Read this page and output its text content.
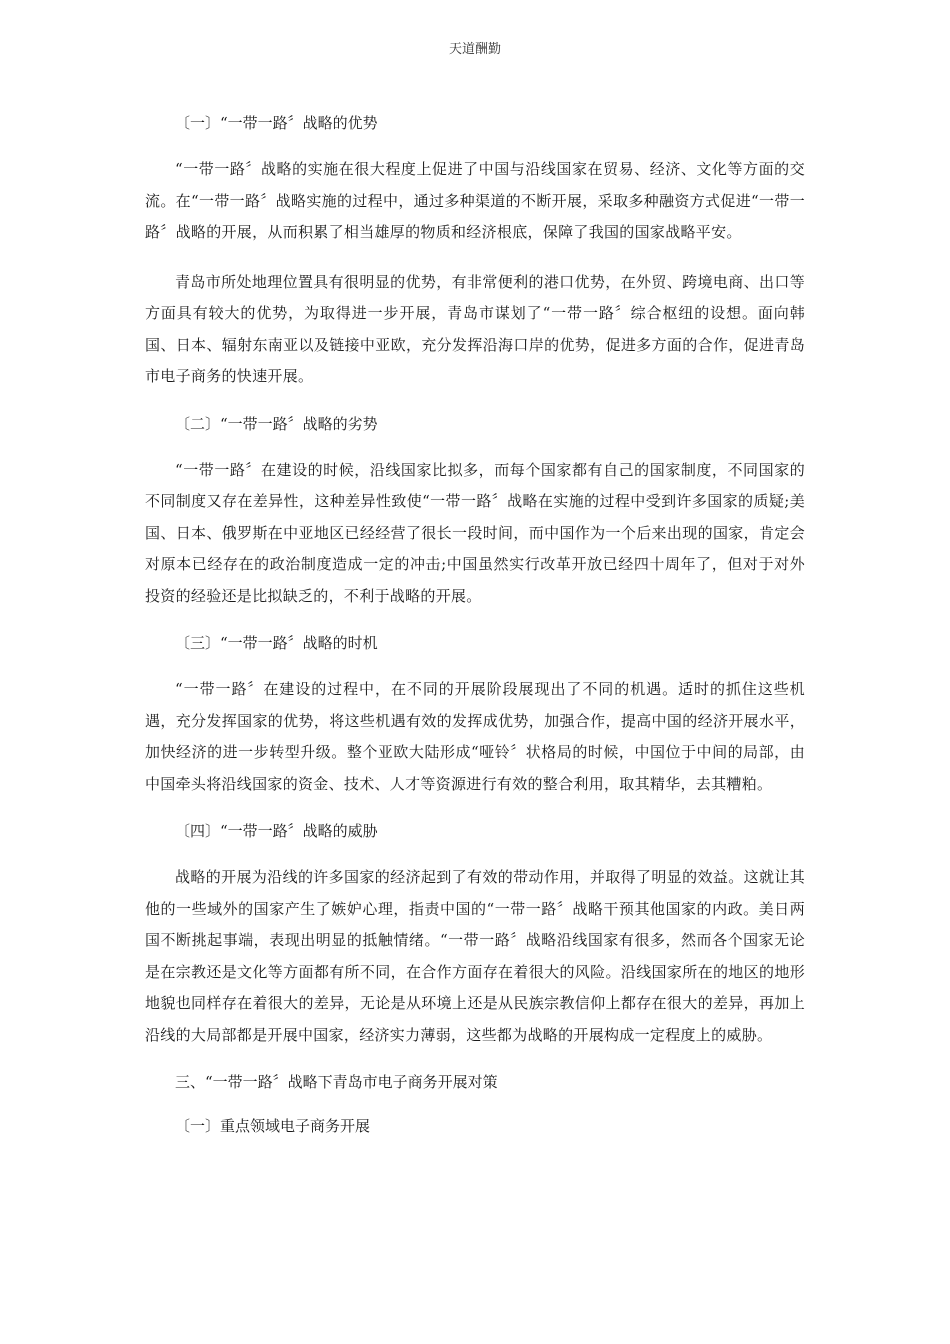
天道酬勤
〔一〕“一带一路〞战略的优势

“一带一路〞战略的实施在很大程度上促进了中国与沿线国家在贸易、经济、文化等方面的交流。在“一带一路〞战略实施的过程中，通过多种渠道的不断开展，采取多种融资方式促进“一带一路〞战略的开展，从而积累了相当雄厚的物质和经济根底，保障了我国的国家战略平安。

青岛市所处地理位置具有很明显的优势，有非常便利的港口优势，在外贸、跨境电商、出口等方面具有较大的优势，为取得进一步开展，青岛市谋划了“一带一路〞综合枢纽的设想。面向韩国、日本、辐射东南亚以及链接中亚欧，充分发挥沿海口岸的优势，促进多方面的合作，促进青岛市电子商务的快速开展。

〔二〕“一带一路〞战略的劣势

“一带一路〞在建设的时候，沿线国家比拟多，而每个国家都有自己的国家制度，不同国家的不同制度又存在差异性，这种差异性致使“一带一路〞战略在实施的过程中受到许多国家的质疑;美国、日本、俄罗斯在中亚地区已经经营了很长一段时间，而中国作为一个后来出现的国家，肯定会对原本已经存在的政治制度造成一定的冲击;中国虽然实行改革开放已经四十周年了，但对于对外投资的经验还是比拟缺乏的，不利于战略的开展。

〔三〕“一带一路〞战略的时机

“一带一路〞在建设的过程中，在不同的开展阶段展现出了不同的机遇。适时的抓住这些机遇，充分发挥国家的优势，将这些机遇有效的发挥成优势，加强合作，提高中国的经济开展水平，加快经济的进一步转型升级。整个亚欧大陆形成“哑铃〞状格局的时候，中国位于中间的局部，由中国牵头将沿线国家的资金、技术、人才等资源进行有效的整合利用，取其精华，去其糟粕。

〔四〕“一带一路〞战略的威胁

战略的开展为沿线的许多国家的经济起到了有效的带动作用，并取得了明显的效益。这就让其他的一些域外的国家产生了嫉妒心理，指责中国的“一带一路〞战略干预其他国家的内政。美日两国不断挑起事端，表现出明显的抵触情绪。“一带一路〞战略沿线国家有很多，然而各个国家无论是在宗教还是文化等方面都有所不同，在合作方面存在着很大的风险。沿线国家所在的地区的地形地貌也同样存在着很大的差异，无论是从环境上还是从民族宗教信仰上都存在很大的差异，再加上沿线的大局部都是开展中国家，经济实力薄弱，这些都为战略的开展构成一定程度上的威胁。

三、“一带一路〞战略下青岛市电子商务开展对策
〔一〕重点领域电子商务开展
